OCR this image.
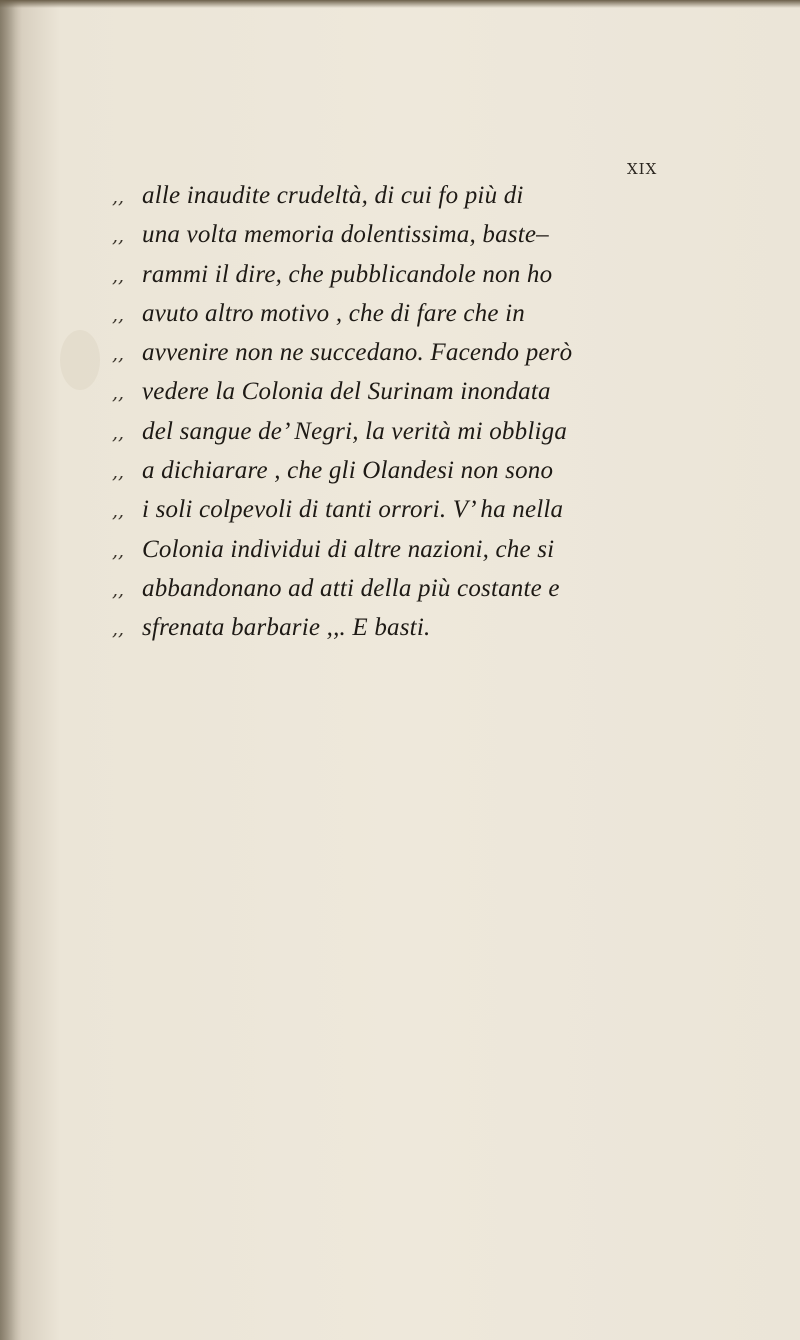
XIX
,, alle inaudite crudeltà, di cui fo più di
,, una volta memoria dolentissima, baste–
,, rammi il dire, che pubblicandole non ho
,, avuto altro motivo , che di fare che in
,, avvenire non ne succedano. Facendo però
,, vedere la Colonia del Surinam inondata
,, del sangue de’ Negri, la verità mi obbliga
,, a dichiarare , che gli Olandesi non sono
,, i soli colpevoli di tanti orrori. V’ ha nella
,, Colonia individui di altre nazioni, che si
,, abbandonano ad atti della più costante e
,, sfrenata barbarie ,,. E basti.
